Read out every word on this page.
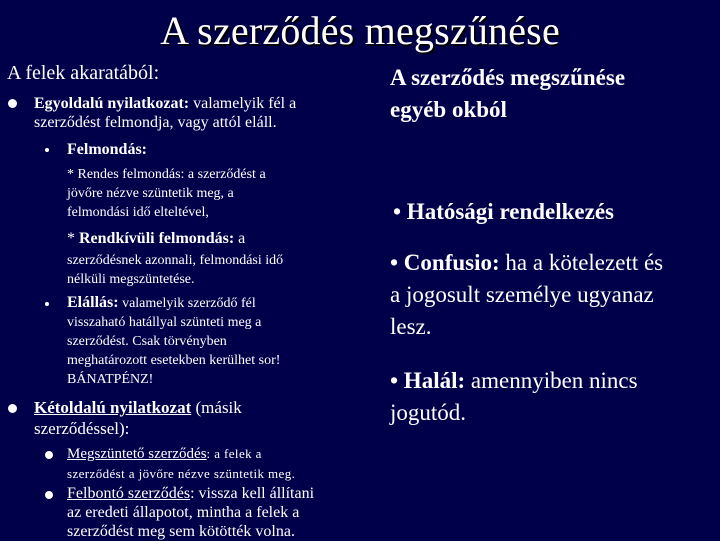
A szerződés megszűnése
A felek akaratából:
Egyoldalú nyilatkozat: valamelyik fél a
szerződést felmondja, vagy attól eláll.
Felmondás:
* Rendes felmondás: a szerződést a
jövőre nézve szüntetik meg, a
felmondási idő elteltével,
* Rendkívüli felmondás: a
szerződésnek azonnali, felmondási idő
nélküli megszüntetése.
Elállás: valamelyik szerződő fél
visszaható hatállyal szünteti meg a
szerződést. Csak törvényben
meghatározott esetekben kerülhet sor!
BÁNATPÉNZ!
Kétoldalú nyilatkozat (másik
szerződéssel):
Megszüntető szerződés: a felek a
szerződést a jövőre nézve szüntetik meg.
Felbontó szerződés: vissza kell állítani
az eredeti állapotot, mintha a felek a
szerződést meg sem kötötték volna.
A szerződés megszűnése
egyéb okból
• Hatósági rendelkezés
• Confusio: ha a kötelezett és
a jogosult személye ugyanaz
lesz.
• Halál: amennyiben nincs
jogutód.
